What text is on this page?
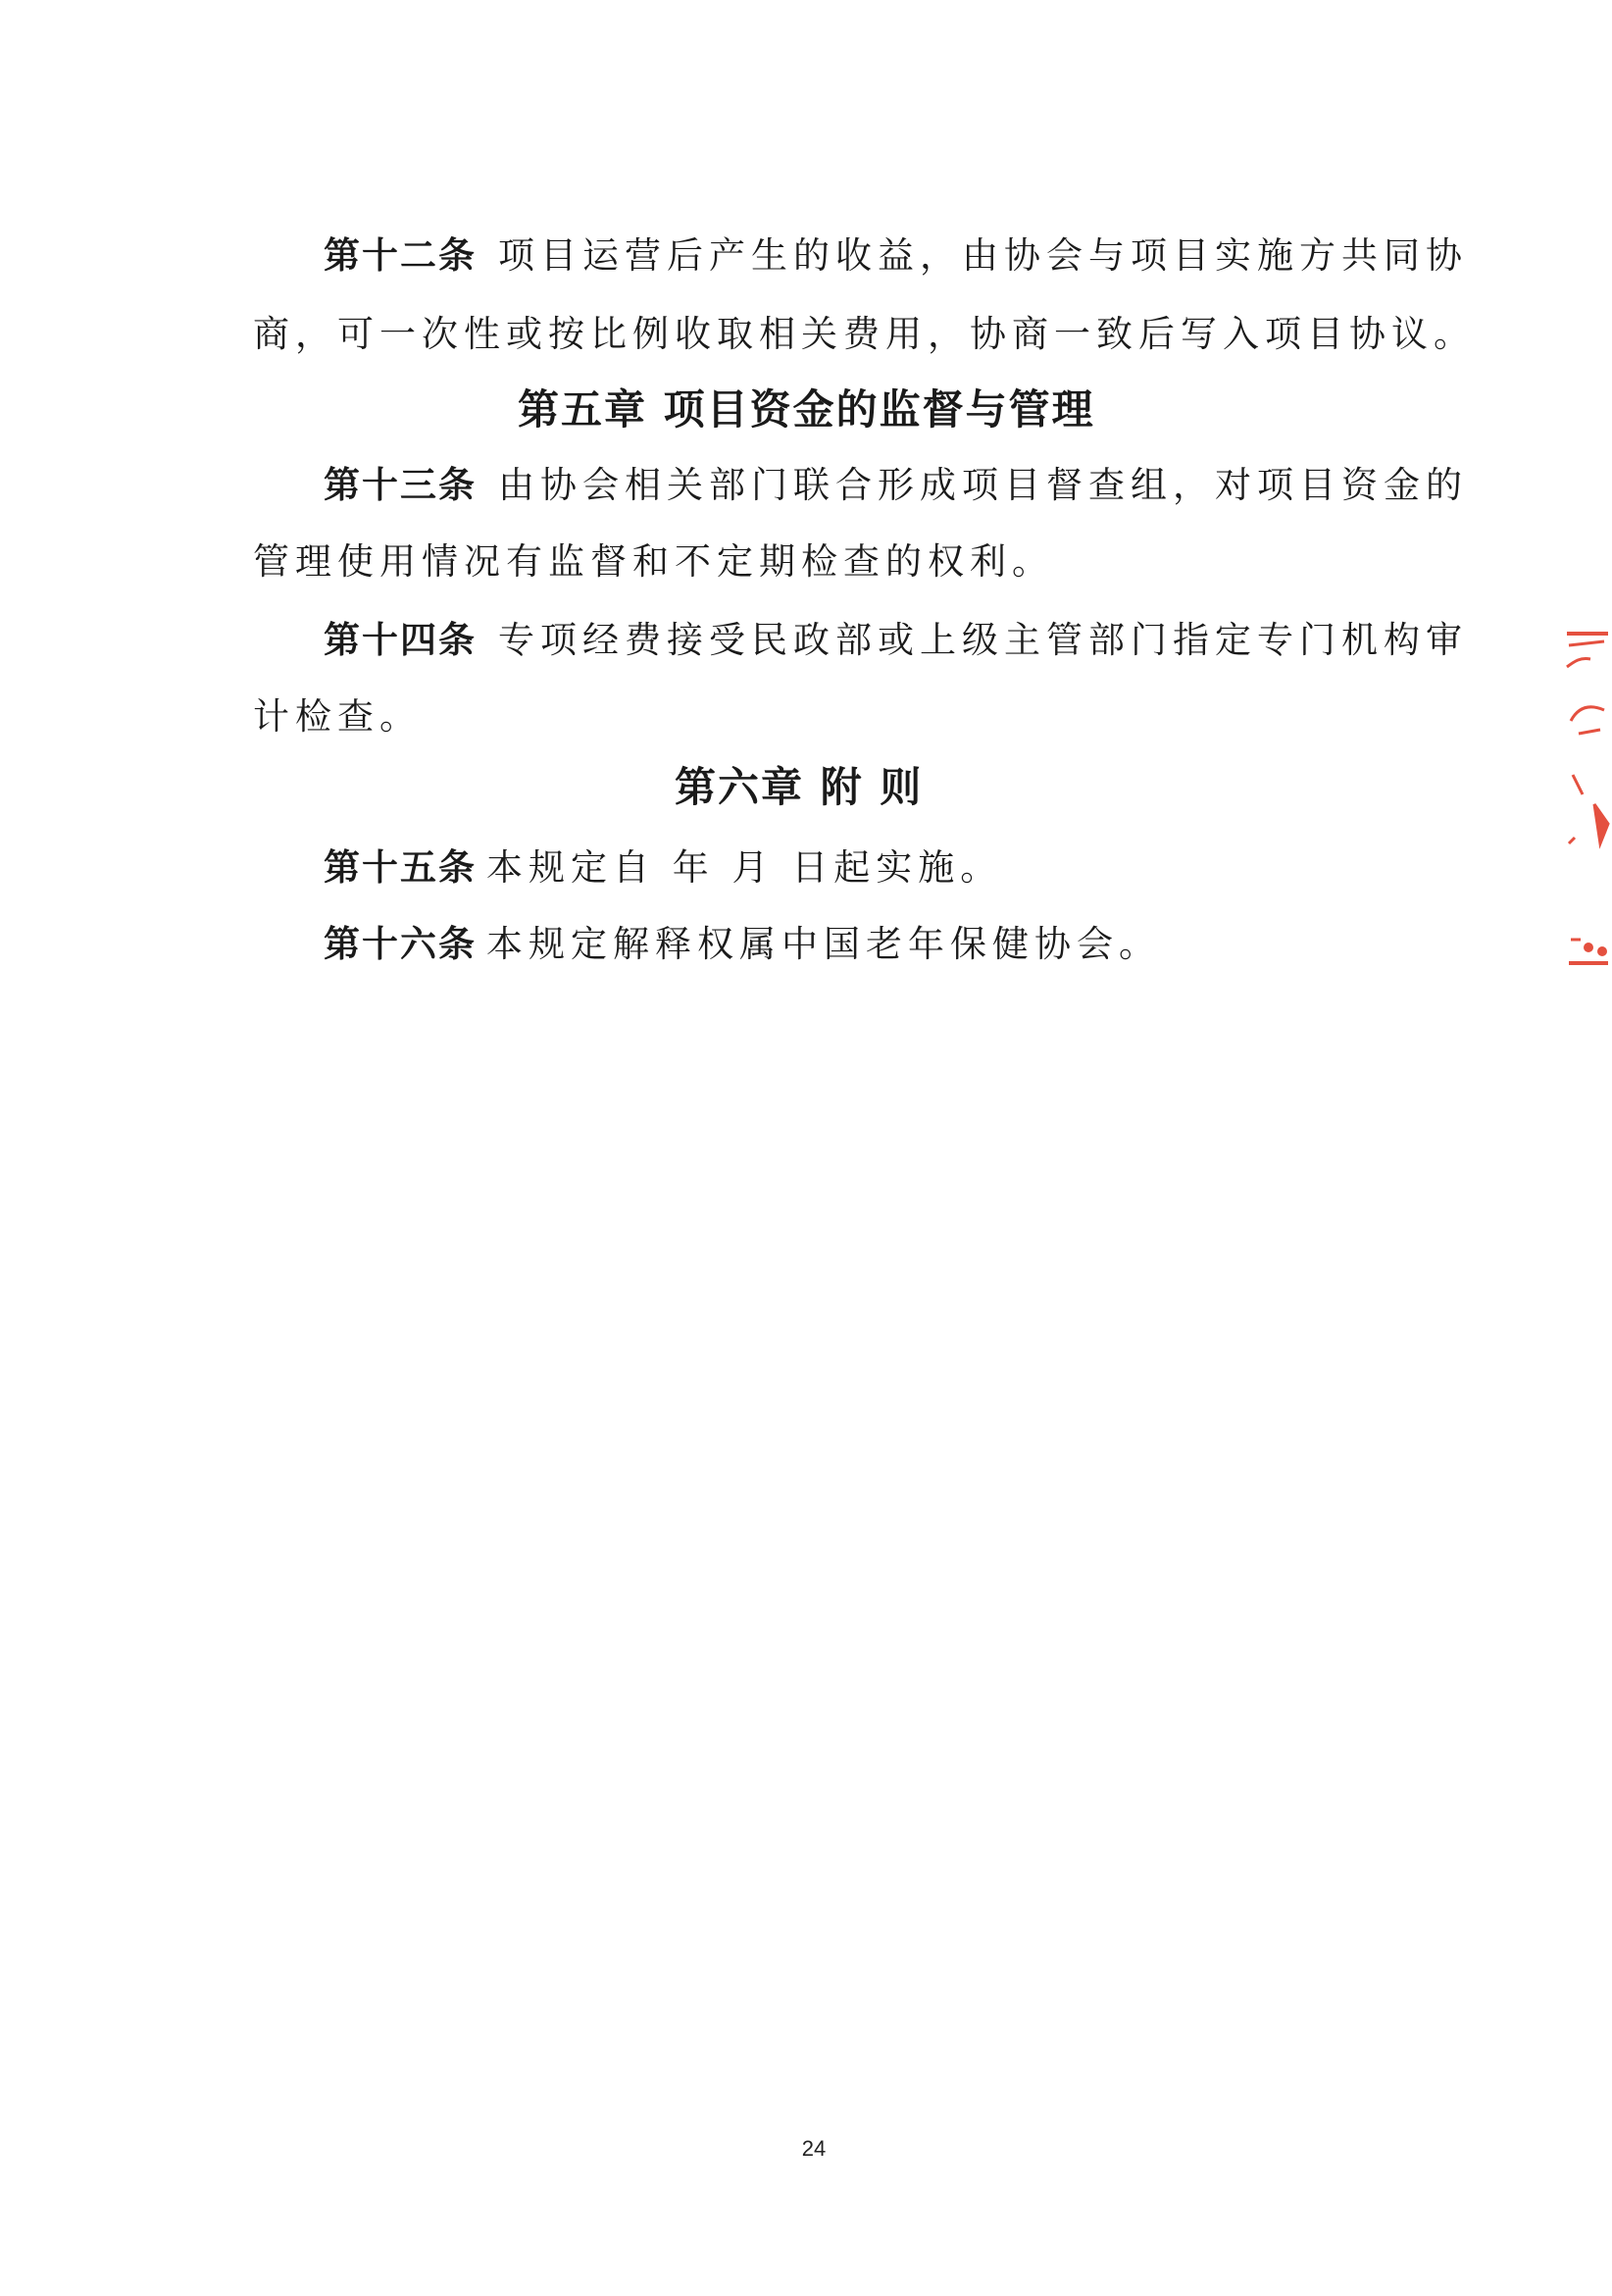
第十二条 项目运营后产生的收益，由协会与项目实施方共同协
商，可一次性或按比例收取相关费用，协商一致后写入项目协议。
第五章 项目资金的监督与管理
第十三条 由协会相关部门联合形成项目督查组，对项目资金的
管理使用情况有监督和不定期检查的权利。
第十四条 专项经费接受民政部或上级主管部门指定专门机构审
计检查。
第六章 附 则
第十五条 本规定自 年 月 日起实施。
第十六条 本规定解释权属中国老年保健协会。
24
